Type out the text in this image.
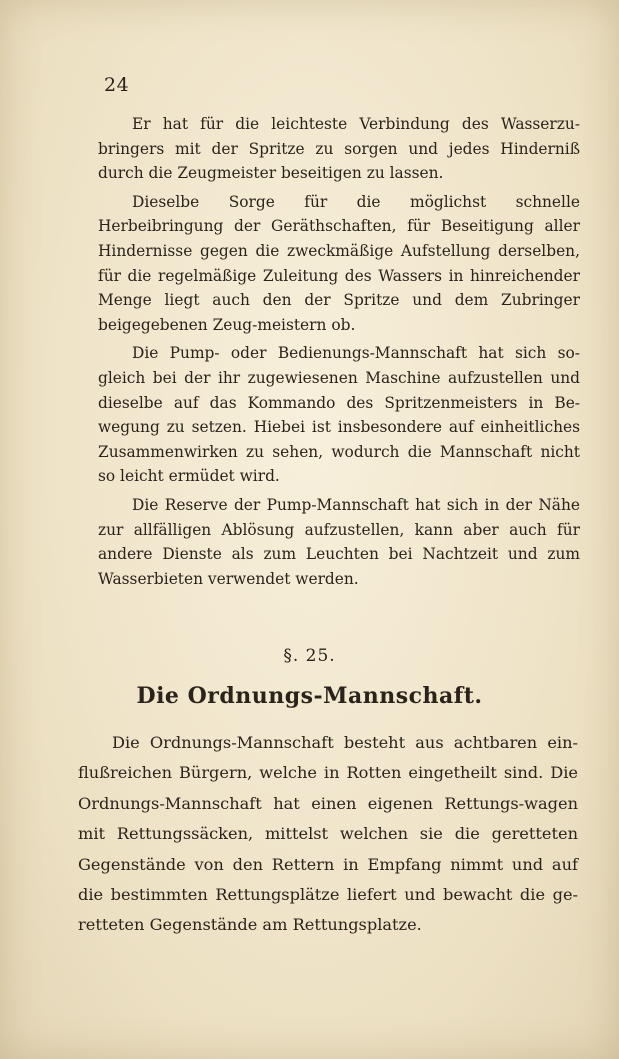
24

Er hat für die leichteste Verbindung des Wasserzu-bringers mit der Spritze zu sorgen und jedes Hinderniß durch die Zeugmeister beseitigen zu lassen.

Dieselbe Sorge für die möglichst schnelle Herbeibringung der Geräthschaften, für Beseitigung aller Hindernisse gegen die zweckmäßige Aufstellung derselben, für die regelmäßige Zuleitung des Wassers in hinreichender Menge liegt auch den der Spritze und dem Zubringer beigegebenen Zeug-meistern ob.

Die Pump- oder Bedienungs-Mannschaft hat sich so-gleich bei der ihr zugewiesenen Maschine aufzustellen und dieselbe auf das Kommando des Spritzenmeisters in Be-wegung zu setzen. Hiebei ist insbesondere auf einheitliches Zusammenwirken zu sehen, wodurch die Mannschaft nicht so leicht ermüdet wird.

Die Reserve der Pump-Mannschaft hat sich in der Nähe zur allfälligen Ablösung aufzustellen, kann aber auch für andere Dienste als zum Leuchten bei Nachtzeit und zum Wasserbieten verwendet werden.

§. 25.
Die Ordnungs-Mannschaft.

Die Ordnungs-Mannschaft besteht aus achtbaren ein-flußreichen Bürgern, welche in Rotten eingetheilt sind. Die Ordnungs-Mannschaft hat einen eigenen Rettungs-wagen mit Rettungssäcken, mittelst welchen sie die geretteten Gegenstände von den Rettern in Empfang nimmt und auf die bestimmten Rettungsplätze liefert und bewacht die ge-retteten Gegenstände am Rettungsplatze.
